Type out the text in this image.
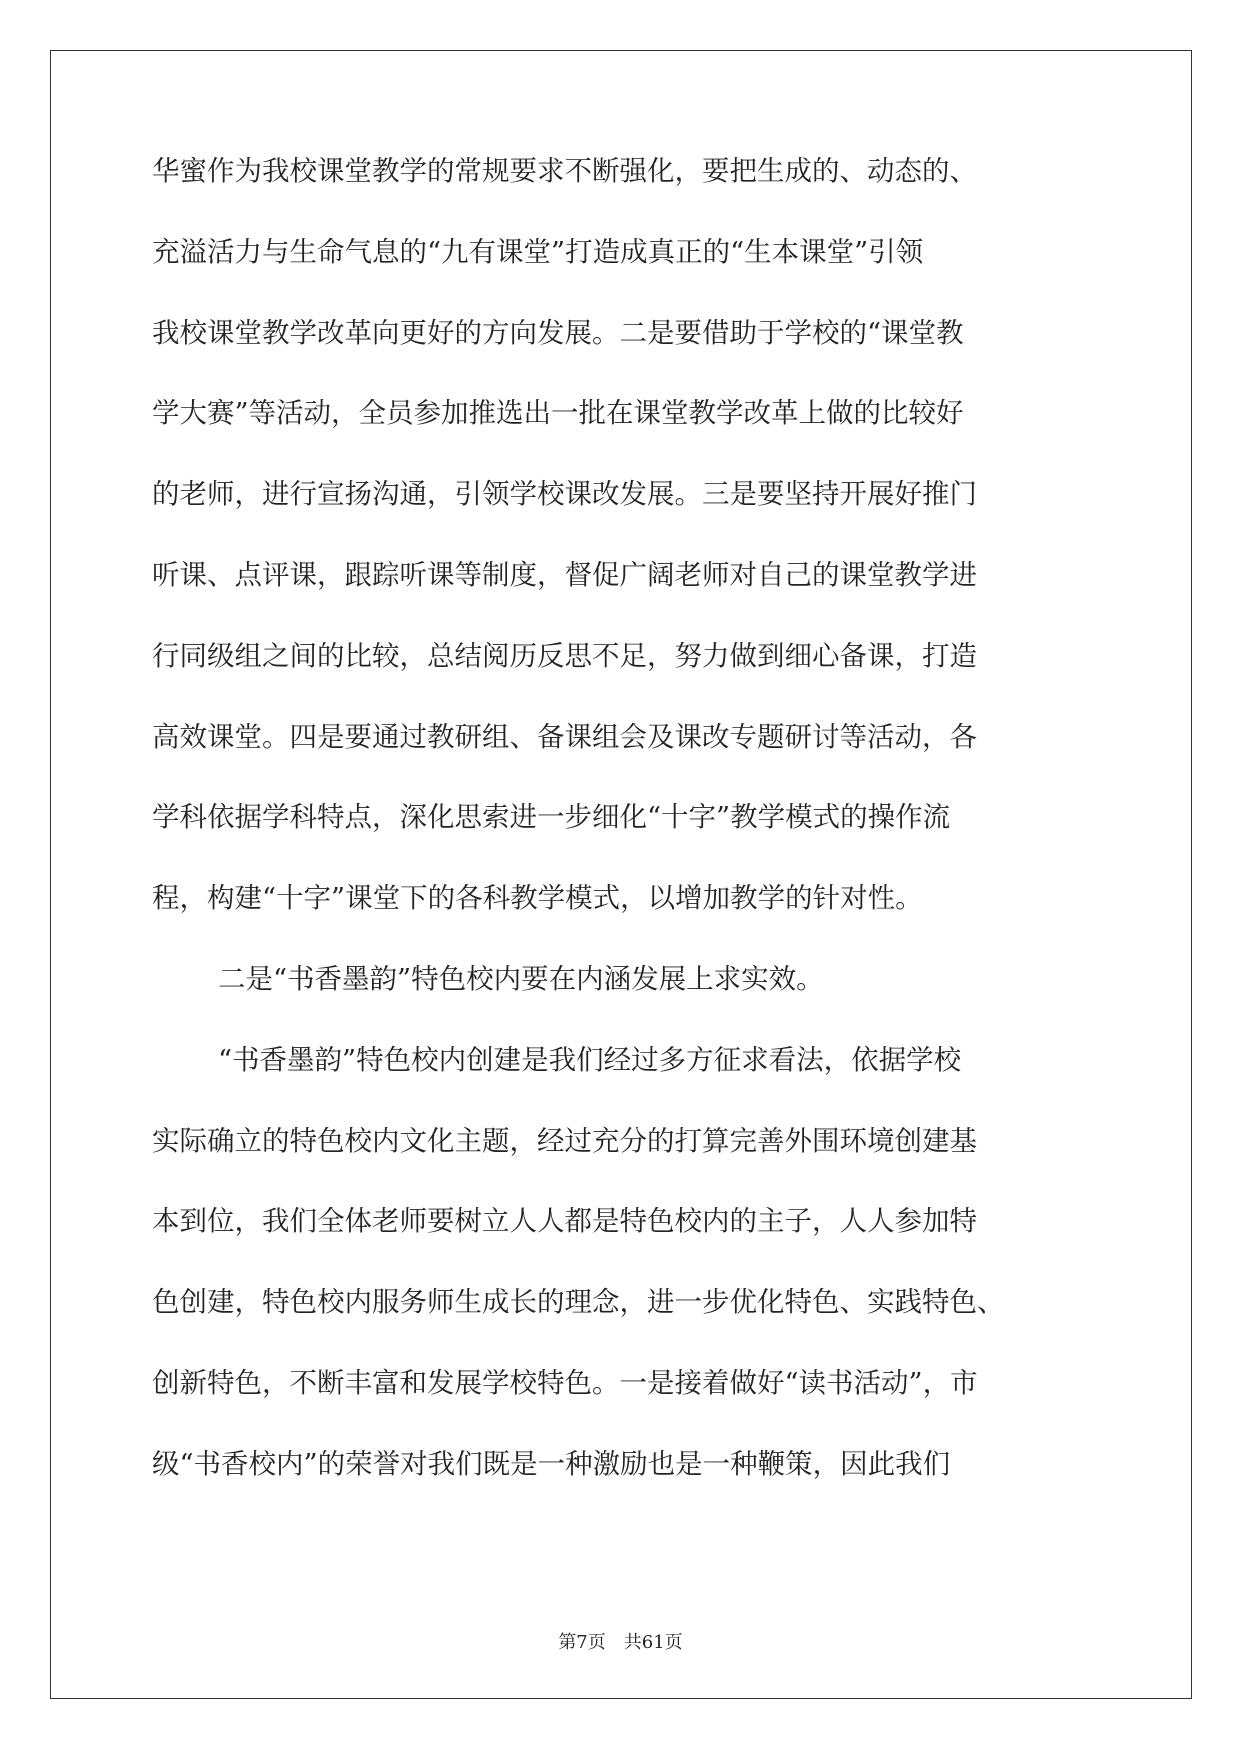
华蜜作为我校课堂教学的常规要求不断强化，要把生成的、动态的、
充溢活力与生命气息的“九有课堂”打造成真正的“生本课堂”引领
我校课堂教学改革向更好的方向发展。二是要借助于学校的“课堂教
学大赛”等活动，全员参加推选出一批在课堂教学改革上做的比较好
的老师，进行宣扬沟通，引领学校课改发展。三是要坚持开展好推门
听课、点评课，跟踪听课等制度，督促广阔老师对自己的课堂教学进
行同级组之间的比较，总结阅历反思不足，努力做到细心备课，打造
高效课堂。四是要通过教研组、备课组会及课改专题研讨等活动，各
学科依据学科特点，深化思索进一步细化“十字”教学模式的操作流
程，构建“十字”课堂下的各科教学模式，以增加教学的针对性。
二是“书香墨韵”特色校内要在内涵发展上求实效。
“书香墨韵”特色校内创建是我们经过多方征求看法，依据学校
实际确立的特色校内文化主题，经过充分的打算完善外围环境创建基
本到位，我们全体老师要树立人人都是特色校内的主子，人人参加特
色创建，特色校内服务师生成长的理念，进一步优化特色、实践特色、
创新特色，不断丰富和发展学校特色。一是接着做好“读书活动”，市
级“书香校内”的荣誉对我们既是一种激励也是一种鞭策，因此我们
第7页　共61页
